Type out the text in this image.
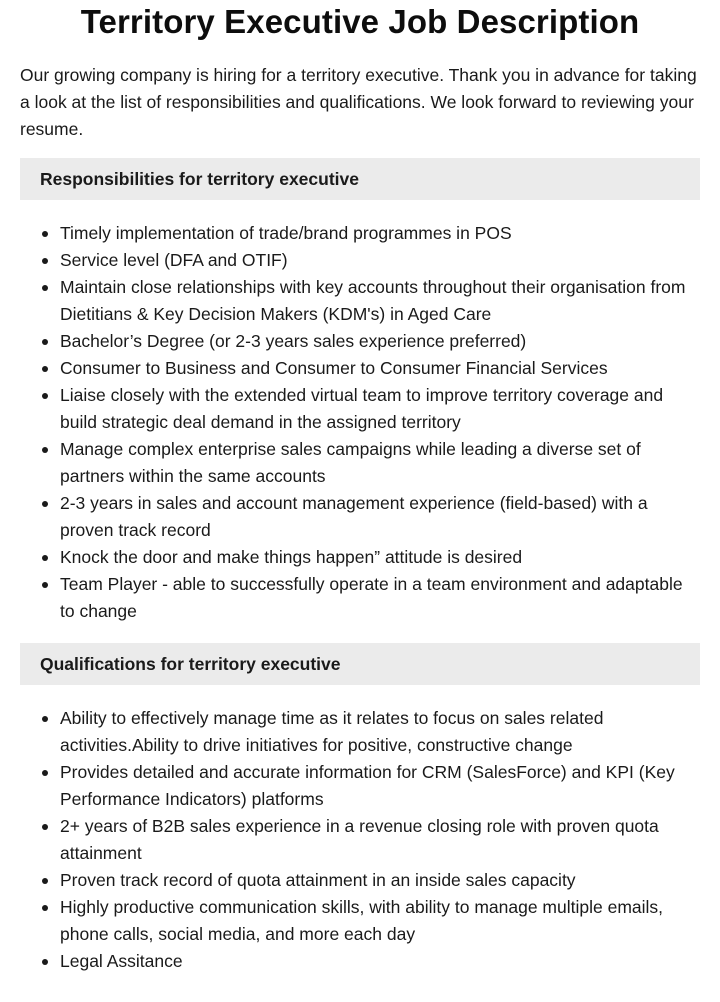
Territory Executive Job Description

Our growing company is hiring for a territory executive. Thank you in advance for taking a look at the list of responsibilities and qualifications. We look forward to reviewing your resume.

Responsibilities for territory executive
Timely implementation of trade/brand programmes in POS
Service level (DFA and OTIF)
Maintain close relationships with key accounts throughout their organisation from Dietitians & Key Decision Makers (KDM's) in Aged Care
Bachelor’s Degree (or 2-3 years sales experience preferred)
Consumer to Business and Consumer to Consumer Financial Services
Liaise closely with the extended virtual team to improve territory coverage and build strategic deal demand in the assigned territory
Manage complex enterprise sales campaigns while leading a diverse set of partners within the same accounts
2-3 years in sales and account management experience (field-based) with a proven track record
Knock the door and make things happen” attitude is desired
Team Player - able to successfully operate in a team environment and adaptable to change
Qualifications for territory executive
Ability to effectively manage time as it relates to focus on sales related activities.Ability to drive initiatives for positive, constructive change
Provides detailed and accurate information for CRM (SalesForce) and KPI (Key Performance Indicators) platforms
2+ years of B2B sales experience in a revenue closing role with proven quota attainment
Proven track record of quota attainment in an inside sales capacity
Highly productive communication skills, with ability to manage multiple emails, phone calls, social media, and more each day
Legal Assitance
